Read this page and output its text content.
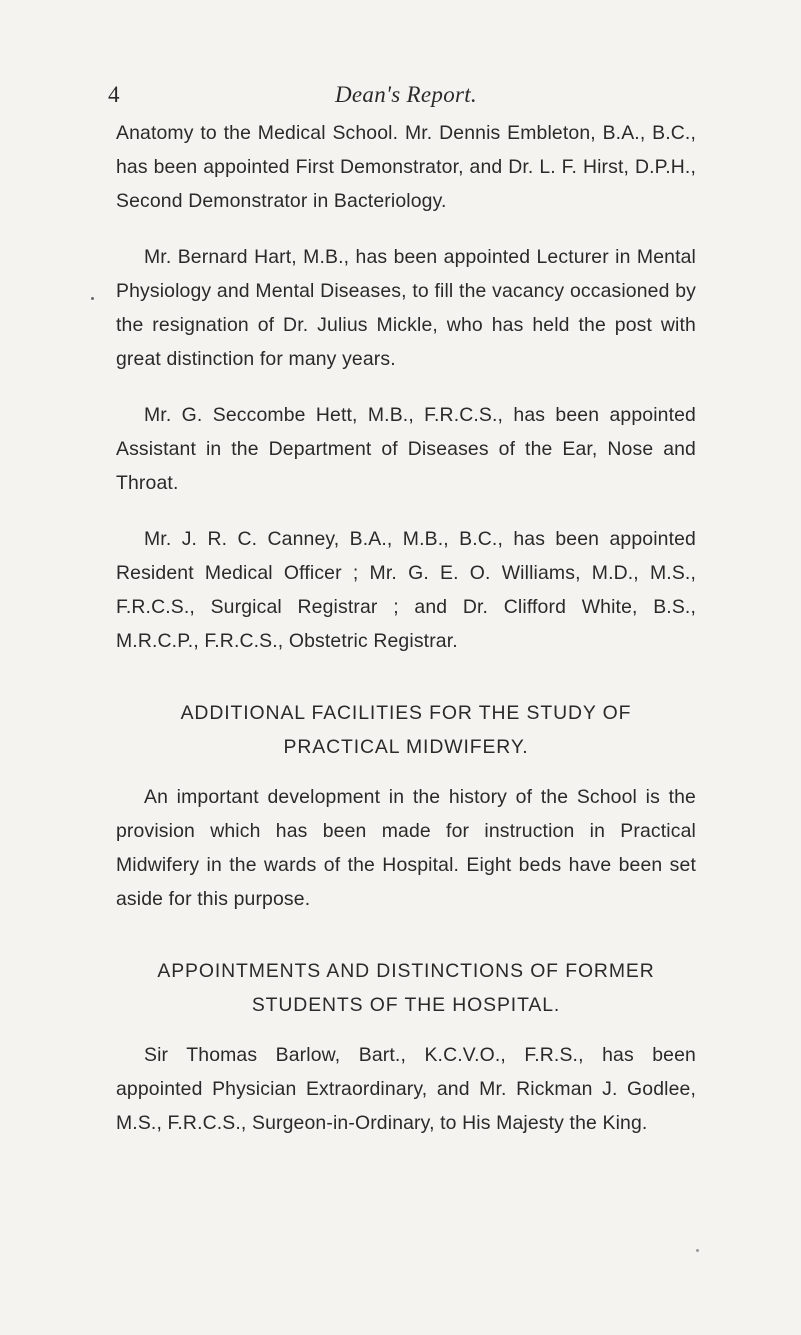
4	Dean's Report.

Anatomy to the Medical School. Mr. Dennis Embleton, B.A., B.C., has been appointed First Demonstrator, and Dr. L. F. Hirst, D.P.H., Second Demonstrator in Bacteriology.

Mr. Bernard Hart, M.B., has been appointed Lecturer in Mental Physiology and Mental Diseases, to fill the vacancy occasioned by the resignation of Dr. Julius Mickle, who has held the post with great distinction for many years.

Mr. G. Seccombe Hett, M.B., F.R.C.S., has been appointed Assistant in the Department of Diseases of the Ear, Nose and Throat.

Mr. J. R. C. Canney, B.A., M.B., B.C., has been appointed Resident Medical Officer ; Mr. G. E. O. Williams, M.D., M.S., F.R.C.S., Surgical Registrar ; and Dr. Clifford White, B.S., M.R.C.P., F.R.C.S., Obstetric Registrar.

ADDITIONAL FACILITIES FOR THE STUDY OF
PRACTICAL MIDWIFERY.

An important development in the history of the School is the provision which has been made for instruction in Practical Midwifery in the wards of the Hospital. Eight beds have been set aside for this purpose.

APPOINTMENTS AND DISTINCTIONS OF FORMER
STUDENTS OF THE HOSPITAL.

Sir Thomas Barlow, Bart., K.C.V.O., F.R.S., has been appointed Physician Extraordinary, and Mr. Rickman J. Godlee, M.S., F.R.C.S., Surgeon-in-Ordinary, to His Majesty the King.
